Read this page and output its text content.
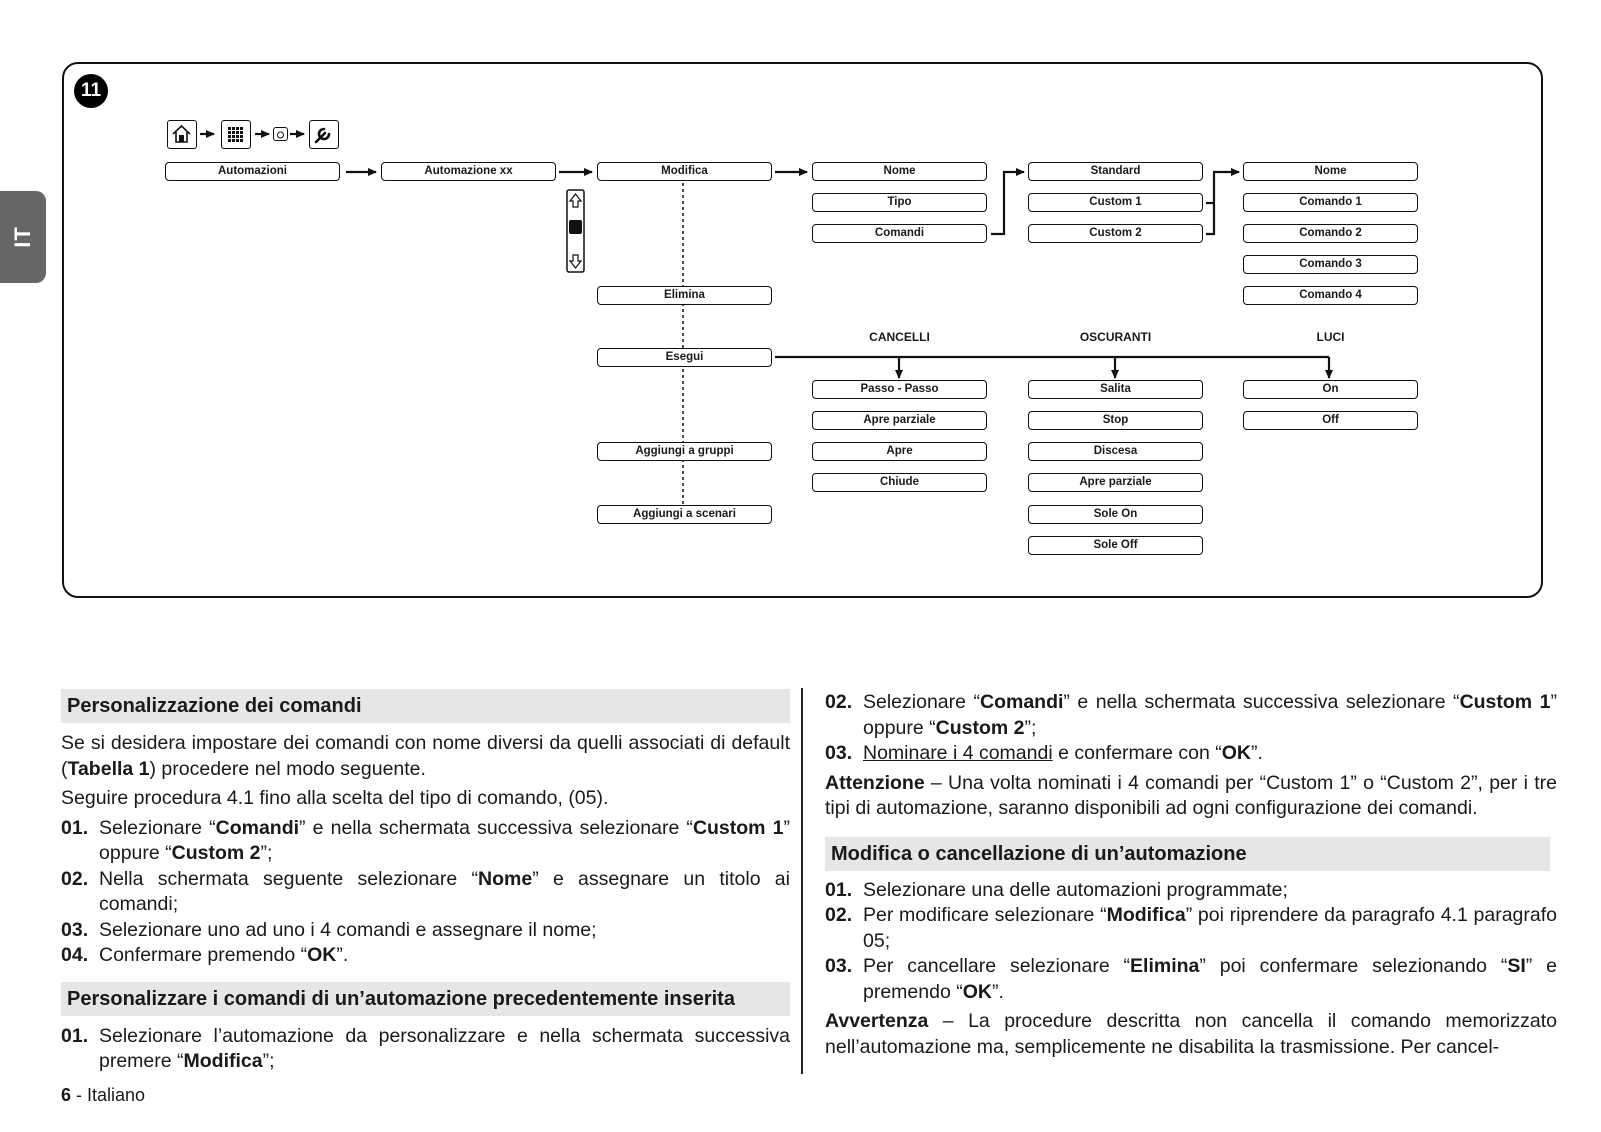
IT
11
Automazioni	Automazione xx	Modifica
Elimina
Esegui
Aggiungi a gruppi
Aggiungi a scenari
Nome
Tipo
Comandi
Standard
Custom 1
Custom 2
Nome
Comando 1
Comando 2
Comando 3
Comando 4
CANCELLI	OSCURANTI	LUCI
Passo - Passo
Apre parziale
Apre
Chiude
Salita
Stop
Discesa
Apre parziale
Sole On
Sole Off
On
Off
Personalizzazione dei comandi

Se si desidera impostare dei comandi con nome diversi da quelli associati di default (Tabella 1) procedere nel modo seguente.

Seguire procedura 4.1 fino alla scelta del tipo di comando, (05).

01. Selezionare “Comandi” e nella schermata successiva selezionare “Custom 1” oppure “Custom 2”;
02. Nella schermata seguente selezionare “Nome” e assegnare un titolo ai comandi;
03. Selezionare uno ad uno i 4 comandi e assegnare il nome;
04. Confermare premendo “OK”.
Personalizzare i comandi di un’automazione precedentemente inserita
01. Selezionare l’automazione da personalizzare e nella schermata successiva premere “Modifica”;
02. Selezionare “Comandi” e nella schermata successiva selezionare “Custom 1” oppure “Custom 2”;
03. Nominare i 4 comandi e confermare con “OK”.

Attenzione – Una volta nominati i 4 comandi per “Custom 1” o “Custom 2”, per i tre tipi di automazione, saranno disponibili ad ogni configurazione dei comandi.

Modifica o cancellazione di un’automazione
01. Selezionare una delle automazioni programmate;
02. Per modificare selezionare “Modifica” poi riprendere da paragrafo 4.1 paragrafo 05;
03. Per cancellare selezionare “Elimina” poi confermare selezionando “SI” e premendo “OK”.

Avvertenza – La procedure descritta non cancella il comando memorizzato nell’automazione ma, semplicemente ne disabilita la trasmissione. Per cancel-

6 - Italiano
